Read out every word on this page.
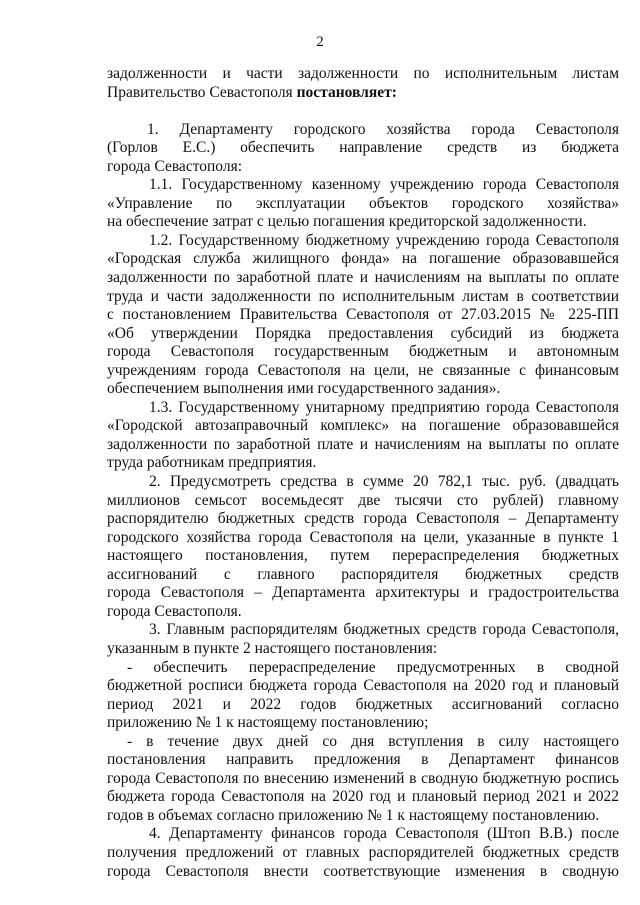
2
задолженности и части задолженности по исполнительным листам
Правительство Севастополя постановляет:
1. Департаменту городского хозяйства города Севастополя
(Горлов Е.С.) обеспечить направление средств из бюджета
города Севастополя:
1.1. Государственному казенному учреждению города Севастополя
«Управление по эксплуатации объектов городского хозяйства»
на обеспечение затрат с целью погашения кредиторской задолженности.
1.2. Государственному бюджетному учреждению города Севастополя
«Городская служба жилищного фонда» на погашение образовавшейся
задолженности по заработной плате и начислениям на выплаты по оплате
труда и части задолженности по исполнительным листам в соответствии
с постановлением Правительства Севастополя от 27.03.2015 № 225-ПП
«Об утверждении Порядка предоставления субсидий из бюджета
города Севастополя государственным бюджетным и автономным
учреждениям города Севастополя на цели, не связанные с финансовым
обеспечением выполнения ими государственного задания».
1.3. Государственному унитарному предприятию города Севастополя
«Городской автозаправочный комплекс» на погашение образовавшейся
задолженности по заработной плате и начислениям на выплаты по оплате
труда работникам предприятия.
2. Предусмотреть средства в сумме 20 782,1 тыс. руб. (двадцать
миллионов семьсот восемьдесят две тысячи сто рублей) главному
распорядителю бюджетных средств города Севастополя – Департаменту
городского хозяйства города Севастополя на цели, указанные в пункте 1
настоящего постановления, путем перераспределения бюджетных
ассигнований с главного распорядителя бюджетных средств
города Севастополя – Департамента архитектуры и градостроительства
города Севастополя.
3. Главным распорядителям бюджетных средств города Севастополя,
указанным в пункте 2 настоящего постановления:
- обеспечить перераспределение предусмотренных в сводной
бюджетной росписи бюджета города Севастополя на 2020 год и плановый
период 2021 и 2022 годов бюджетных ассигнований согласно
приложению № 1 к настоящему постановлению;
- в течение двух дней со дня вступления в силу настоящего
постановления направить предложения в Департамент финансов
города Севастополя по внесению изменений в сводную бюджетную роспись
бюджета города Севастополя на 2020 год и плановый период 2021 и 2022
годов в объемах согласно приложению № 1 к настоящему постановлению.
4. Департаменту финансов города Севастополя (Штоп В.В.) после
получения предложений от главных распорядителей бюджетных средств
города Севастополя внести соответствующие изменения в сводную
